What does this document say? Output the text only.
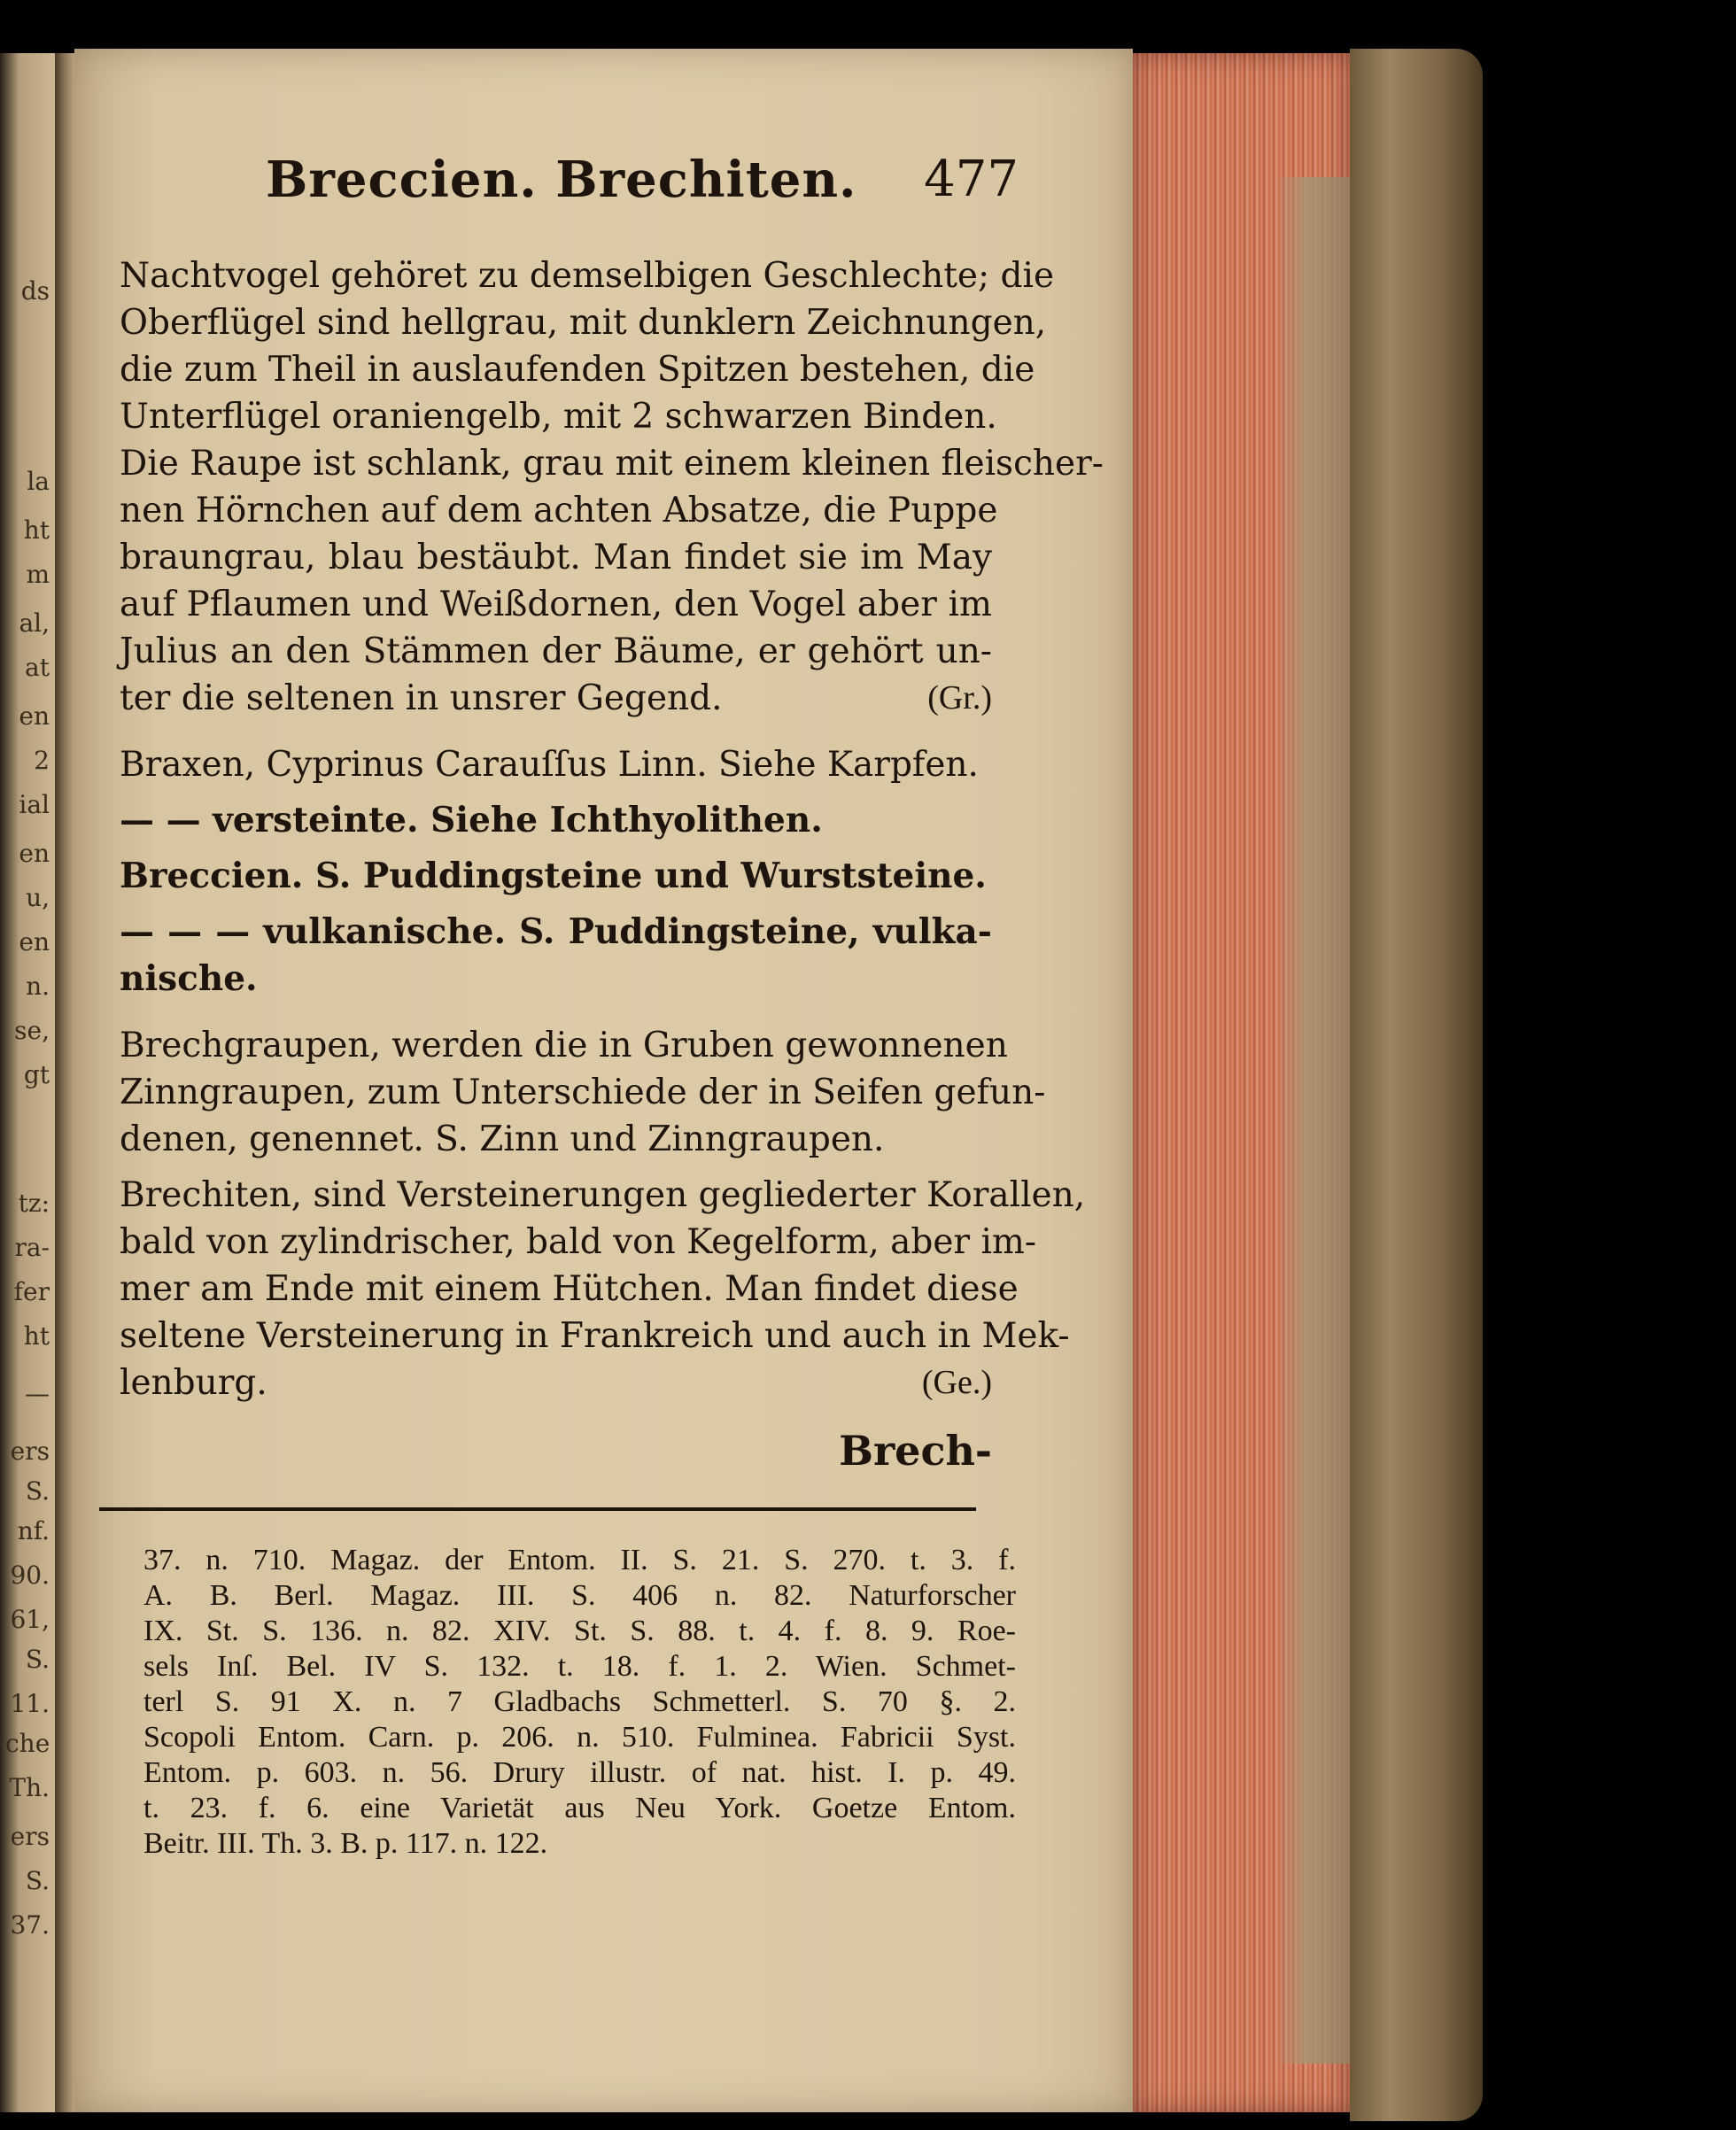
ds
la
ht
m
al,
at
en
2
ial
en
u,
en
n.
se,
gt
tz:
ra-
fer
ht
—
ers
S.
nf.
90.
61,
S.
11.
che
Th.
ers
S.
37.
Breccien. Brechiten. 477
Nachtvogel gehöret zu demselbigen Geschlechte; die
Oberflügel sind hellgrau, mit dunklern Zeichnungen,
die zum Theil in auslaufenden Spitzen bestehen, die
Unterflügel oraniengelb, mit 2 schwarzen Binden.
Die Raupe ist schlank, grau mit einem kleinen fleischer-
nen Hörnchen auf dem achten Absatze, die Puppe
braungrau, blau bestäubt. Man findet sie im May
auf Pflaumen und Weißdornen, den Vogel aber im
Julius an den Stämmen der Bäume, er gehört un-
ter die seltenen in unsrer Gegend.	(Gr.)
Braxen, Cyprinus Carauſſus Linn. Siehe Karpfen.
— — versteinte. Siehe Ichthyolithen.
Breccien. S. Puddingsteine und Wurststeine.
— — — vulkanische. S. Puddingsteine, vulka-
nische.
Brechgraupen, werden die in Gruben gewonnenen
Zinngraupen, zum Unterschiede der in Seifen gefun-
denen, genennet. S. Zinn und Zinngraupen.
Brechiten, sind Versteinerungen gegliederter Korallen,
bald von zylindrischer, bald von Kegelform, aber im-
mer am Ende mit einem Hütchen. Man findet diese
seltene Versteinerung in Frankreich und auch in Mek-
lenburg.	(Ge.)
Brech-
37. n. 710. Magaz. der Entom. II. S. 21. S. 270. t. 3. f.
A. B. Berl. Magaz. III. S. 406 n. 82. Naturforscher
IX. St. S. 136. n. 82. XIV. St. S. 88. t. 4. f. 8. 9. Roe-
sels Inſ. Bel. IV S. 132. t. 18. f. 1. 2. Wien. Schmet-
terl S. 91 X. n. 7 Gladbachs Schmetterl. S. 70 §. 2.
Scopoli Entom. Carn. p. 206. n. 510. Fulminea. Fabricii Syst.
Entom. p. 603. n. 56. Drury illustr. of nat. hist. I. p. 49.
t. 23. f. 6. eine Varietät aus Neu York. Goetze Entom.
Beitr. III. Th. 3. B. p. 117. n. 122.
